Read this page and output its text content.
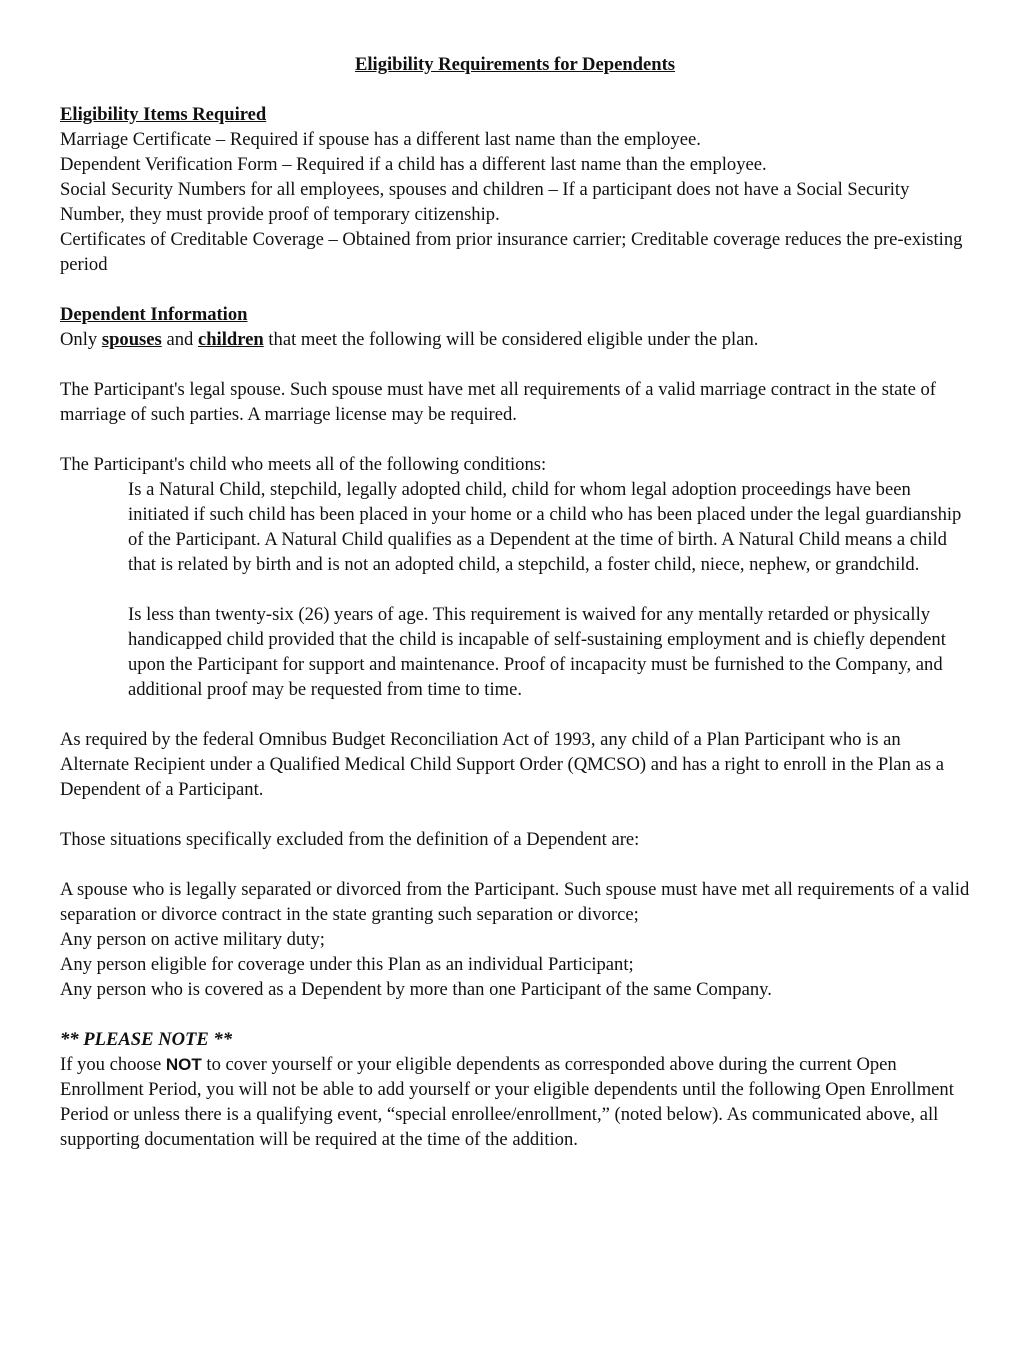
Eligibility Requirements for Dependents
Eligibility Items Required

Marriage Certificate – Required if spouse has a different last name than the employee.

Dependent Verification Form – Required if a child has a different last name than the employee.

Social Security Numbers for all employees, spouses and children – If a participant does not have a Social Security Number, they must provide proof of temporary citizenship.

Certificates of Creditable Coverage – Obtained from prior insurance carrier; Creditable coverage reduces the pre-existing period

Dependent Information

Only spouses and children that meet the following will be considered eligible under the plan.

The Participant's legal spouse. Such spouse must have met all requirements of a valid marriage contract in the state of marriage of such parties. A marriage license may be required.

The Participant's child who meets all of the following conditions:

Is a Natural Child, stepchild, legally adopted child, child for whom legal adoption proceedings have been initiated if such child has been placed in your home or a child who has been placed under the legal guardianship of the Participant. A Natural Child qualifies as a Dependent at the time of birth. A Natural Child means a child that is related by birth and is not an adopted child, a stepchild, a foster child, niece, nephew, or grandchild.

Is less than twenty-six (26) years of age. This requirement is waived for any mentally retarded or physically handicapped child provided that the child is incapable of self-sustaining employment and is chiefly dependent upon the Participant for support and maintenance. Proof of incapacity must be furnished to the Company, and additional proof may be requested from time to time.

As required by the federal Omnibus Budget Reconciliation Act of 1993, any child of a Plan Participant who is an Alternate Recipient under a Qualified Medical Child Support Order (QMCSO) and has a right to enroll in the Plan as a Dependent of a Participant.

Those situations specifically excluded from the definition of a Dependent are:

A spouse who is legally separated or divorced from the Participant. Such spouse must have met all requirements of a valid separation or divorce contract in the state granting such separation or divorce;

Any person on active military duty;

Any person eligible for coverage under this Plan as an individual Participant;

Any person who is covered as a Dependent by more than one Participant of the same Company.

** PLEASE NOTE **

If you choose NOT to cover yourself or your eligible dependents as corresponded above during the current Open Enrollment Period, you will not be able to add yourself or your eligible dependents until the following Open Enrollment Period or unless there is a qualifying event, “special enrollee/enrollment,” (noted below). As communicated above, all supporting documentation will be required at the time of the addition.
